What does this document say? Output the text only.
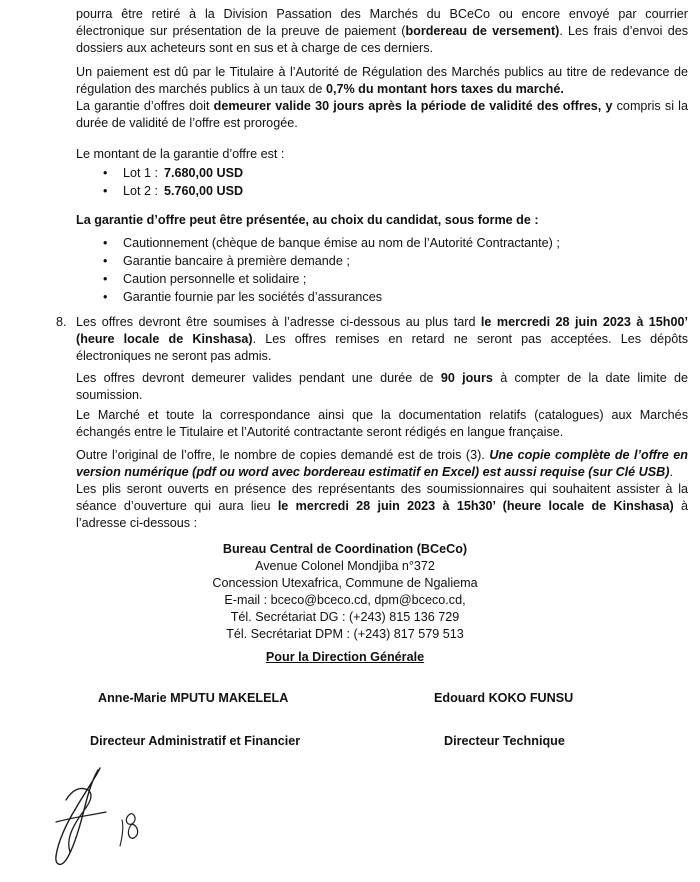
pourra être retiré à la Division Passation des Marchés du BCeCo ou encore envoyé par courrier
électronique sur présentation de la preuve de paiement (bordereau de versement). Les frais d’envoi des
dossiers aux acheteurs sont en sus et à charge de ces derniers.
Un paiement est dû par le Titulaire à l’Autorité de Régulation des Marchés publics au titre de redevance de
régulation des marchés publics à un taux de 0,7% du montant hors taxes du marché.
La garantie d’offres doit demeurer valide 30 jours après la période de validité des offres, y compris si la
durée de validité de l’offre est prorogée.
Le montant de la garantie d’offre est :
• Lot 1 : 7.680,00 USD
• Lot 2 : 5.760,00 USD
La garantie d’offre peut être présentée, au choix du candidat, sous forme de :
• Cautionnement (chèque de banque émise au nom de l’Autorité Contractante) ;
• Garantie bancaire à première demande ;
• Caution personnelle et solidaire ;
• Garantie fournie par les sociétés d’assurances
8. Les offres devront être soumises à l’adresse ci-dessous au plus tard le mercredi 28 juin 2023 à 15h00’
(heure locale de Kinshasa). Les offres remises en retard ne seront pas acceptées. Les dépôts
électroniques ne seront pas admis.
Les offres devront demeurer valides pendant une durée de 90 jours à compter de la date limite de
soumission.
Le Marché et toute la correspondance ainsi que la documentation relatifs (catalogues) aux Marchés
échangés entre le Titulaire et l’Autorité contractante seront rédigés en langue française.
Outre l’original de l’offre, le nombre de copies demandé est de trois (3). Une copie complète de l’offre en
version numérique (pdf ou word avec bordereau estimatif en Excel) est aussi requise (sur Clé USB).
Les plis seront ouverts en présence des représentants des soumissionnaires qui souhaitent assister à la
séance d’ouverture qui aura lieu le mercredi 28 juin 2023 à 15h30’ (heure locale de Kinshasa) à
l’adresse ci-dessous :
Bureau Central de Coordination (BCeCo)
Avenue Colonel Mondjiba n°372
Concession Utexafrica, Commune de Ngaliema
E-mail : bceco@bceco.cd, dpm@bceco.cd,
Tél. Secrétariat DG : (+243) 815 136 729
Tél. Secrétariat DPM : (+243) 817 579 513
Pour la Direction Générale
Anne-Marie MPUTU MAKELELA	Edouard KOKO FUNSU
Directeur Administratif et Financier	Directeur Technique
